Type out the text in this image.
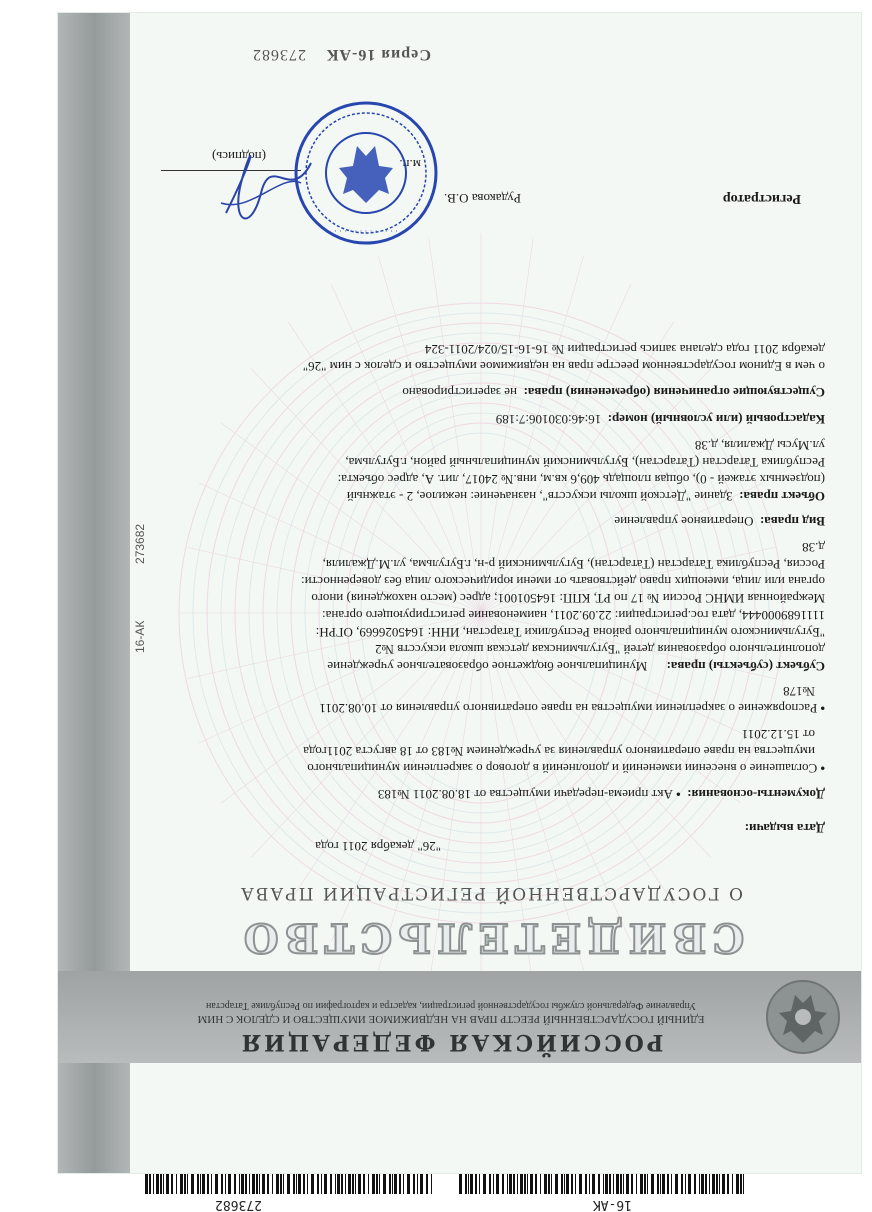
16-АК
273682
РОССИЙСКАЯ ФЕДЕРАЦИЯ
ЕДИНЫЙ ГОСУДАРСТВЕННЫЙ РЕЕСТР ПРАВ НА НЕДВИЖИМОЕ ИМУЩЕСТВО И СДЕЛОК С НИМ
Управление Федеральной службы государственной регистрации, кадастра и картографии по Республике Татарстан
16-АК  273682
СВИДЕТЕЛЬСТВО
О ГОСУДАРСТВЕННОЙ РЕГИСТРАЦИИ ПРАВА
Дата выдачи:
"26" декабря 2011 года
Документы-основания:  • Акт приема-передачи имущества от 18.08.2011 №183
• Соглашение о внесении изменений и дополнений в договор о закреплении муниципального
имущества на праве оперативного управления за учреждением №183 от 18 августа 2011года
от 15.12.2011
• Распоряжение о закреплении имущества на праве оперативного управления от 10.08.2011
№178
Субъект (субъекты) права: Муниципальное бюджетное образовательное учреждение
дополнительного образования детей "Бугульминская детская школа искусств №2
"Бугульминского муниципального района Республики Татарстан, ИНН: 1645026669, ОГРН:
1111689000444, дата гос.регистрации: 22.09.2011, наименование регистрирующего органа:
Межрайонная ИМНС России № 17 по РТ, КПП: 164501001; адрес (место нахождения) иного
органа или лица, имеющих право действовать от имени юридического лица без доверенности:
Россия, Республика Татарстан (Татарстан), Бугульминский р-н, г.Бугульма, ул.М.Джалиля,
д.38
Вид права:  Оперативное управление
Объект права:  Здание "Детской школы искусств", назначение: нежилое, 2 - этажный
(подземных этажей - 0), общая площадь 409,6 кв.м, инв.№ 24017, лит. А, адрес объекта:
Республика Татарстан (Татарстан), Бугульминский муниципальный район, г.Бугульма,
ул.Мусы Джалиля, д.38
Кадастровый (или условный) номер:  16:46:030106:7:189
Существующие ограничения (обременения) права:  не зарегистрировано
о чем в Едином государственном реестре прав на недвижимое имущество и сделок с ним "26"
декабря 2011 года сделана запись регистрации № 16-16-15/024/2011-324
Регистратор
Рудакова О.В.
м.п.
(подпись)
· · · · · · · · · · · · ·
Серия 16-АК
273682
